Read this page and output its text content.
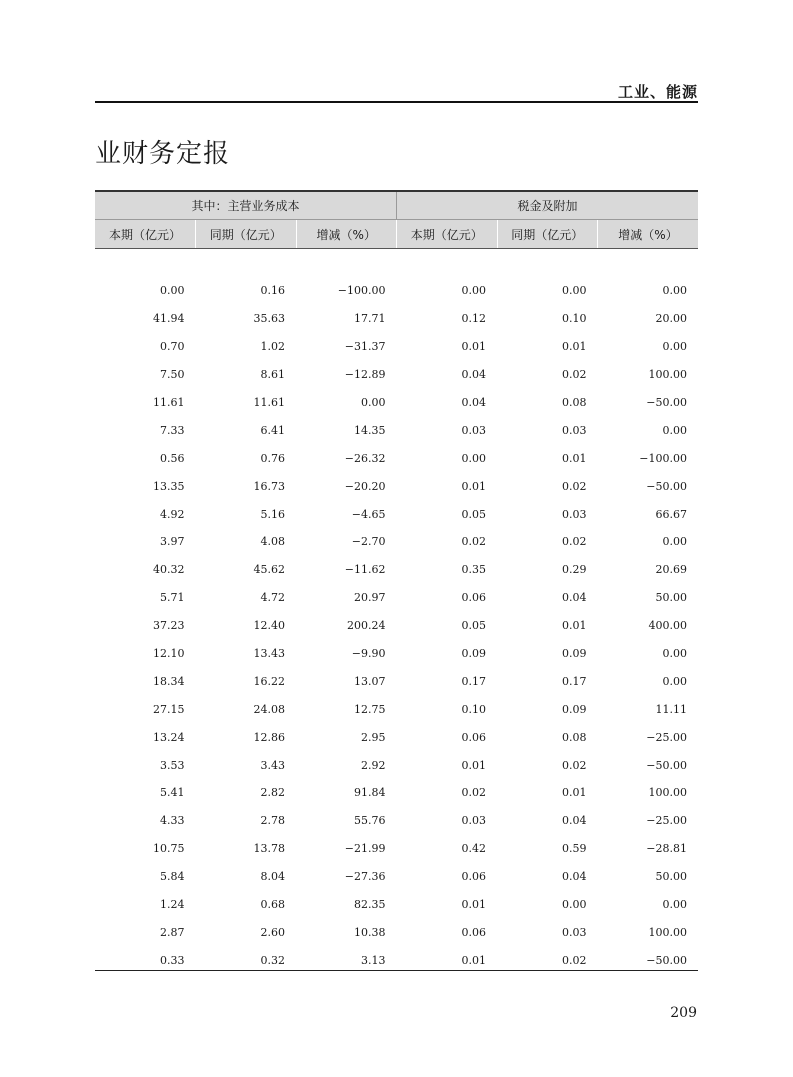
工业、能源
业财务定报
其中：主营业务成本			税金及附加		
本期（亿元）	同期（亿元）	增减（%）	本期（亿元）	同期（亿元）	增减（%）

0.00	0.16	−100.00	0.00	0.00	0.00
41.94	35.63	17.71	0.12	0.10	20.00
0.70	1.02	−31.37	0.01	0.01	0.00
7.50	8.61	−12.89	0.04	0.02	100.00
11.61	11.61	0.00	0.04	0.08	−50.00
7.33	6.41	14.35	0.03	0.03	0.00
0.56	0.76	−26.32	0.00	0.01	−100.00
13.35	16.73	−20.20	0.01	0.02	−50.00
4.92	5.16	−4.65	0.05	0.03	66.67
3.97	4.08	−2.70	0.02	0.02	0.00
40.32	45.62	−11.62	0.35	0.29	20.69
5.71	4.72	20.97	0.06	0.04	50.00
37.23	12.40	200.24	0.05	0.01	400.00
12.10	13.43	−9.90	0.09	0.09	0.00
18.34	16.22	13.07	0.17	0.17	0.00
27.15	24.08	12.75	0.10	0.09	11.11
13.24	12.86	2.95	0.06	0.08	−25.00
3.53	3.43	2.92	0.01	0.02	−50.00
5.41	2.82	91.84	0.02	0.01	100.00
4.33	2.78	55.76	0.03	0.04	−25.00
10.75	13.78	−21.99	0.42	0.59	−28.81
5.84	8.04	−27.36	0.06	0.04	50.00
1.24	0.68	82.35	0.01	0.00	0.00
2.87	2.60	10.38	0.06	0.03	100.00
0.33	0.32	3.13	0.01	0.02	−50.00
209
